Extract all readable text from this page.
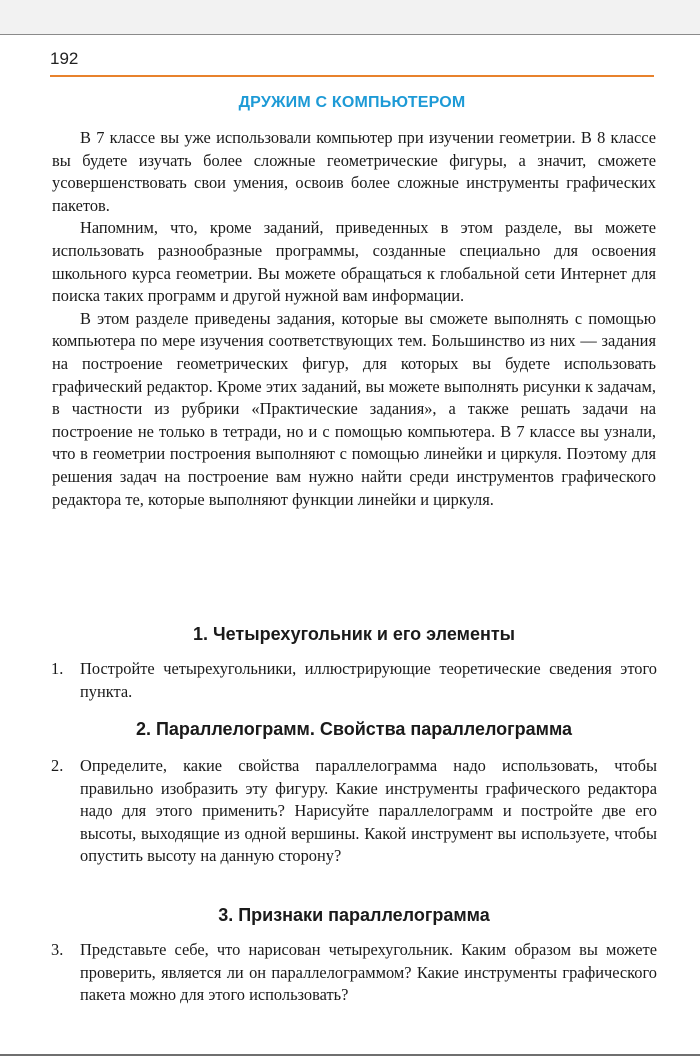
192
ДРУЖИМ С КОМПЬЮТЕРОМ

В 7 классе вы уже использовали компьютер при изучении геометрии. В 8 классе вы будете изучать более сложные геометрические фигуры, а значит, сможете усовершенствовать свои умения, освоив более сложные инструменты графических пакетов.

Напомним, что, кроме заданий, приведенных в этом разделе, вы можете использовать разнообразные программы, созданные специально для освоения школьного курса геометрии. Вы можете обращаться к глобальной сети Интернет для поиска таких программ и другой нужной вам информации.

В этом разделе приведены задания, которые вы сможете выполнять с помощью компьютера по мере изучения соответствующих тем. Большинство из них — задания на построение геометрических фигур, для которых вы будете использовать графический редактор. Кроме этих заданий, вы можете выполнять рисунки к задачам, в частности из рубрики «Практические задания», а также решать задачи на построение не только в тетради, но и с помощью компьютера. В 7 классе вы узнали, что в геометрии построения выполняют с помощью линейки и циркуля. Поэтому для решения задач на построение вам нужно найти среди инструментов графического редактора те, которые выполняют функции линейки и циркуля.

1. Четырехугольник и его элементы
1. Постройте четырехугольники, иллюстрирующие теоретические сведения этого пункта.
2. Параллелограмм. Свойства параллелограмма
2. Определите, какие свойства параллелограмма надо использовать, чтобы правильно изобразить эту фигуру. Какие инструменты графического редактора надо для этого применить? Нарисуйте параллелограмм и постройте две его высоты, выходящие из одной вершины. Какой инструмент вы используете, чтобы опустить высоту на данную сторону?
3. Признаки параллелограмма
3. Представьте себе, что нарисован четырехугольник. Каким образом вы можете проверить, является ли он параллелограммом? Какие инструменты графического пакета можно для этого использовать?
